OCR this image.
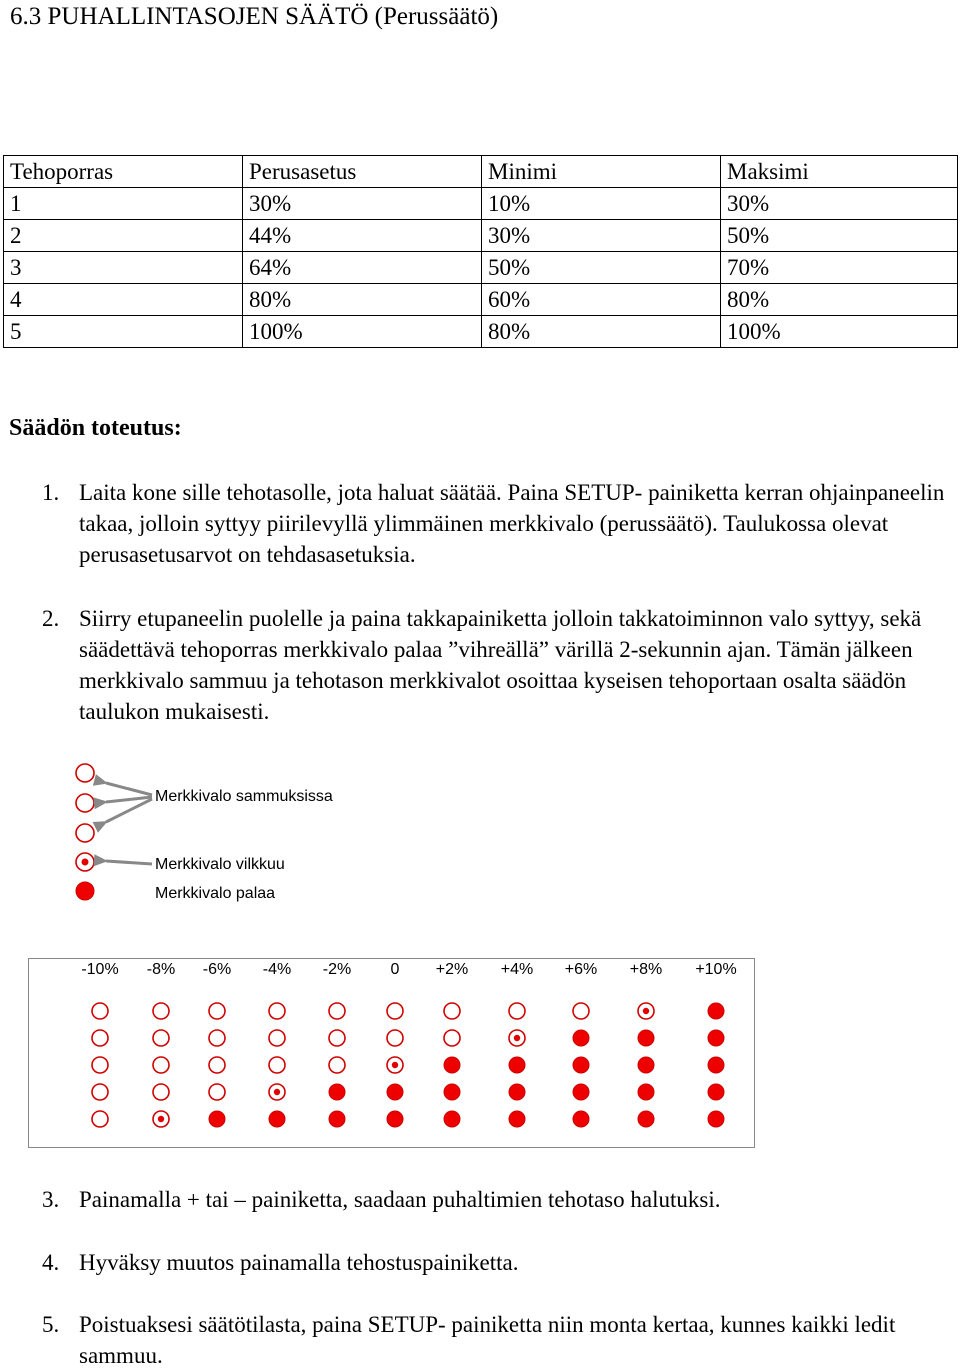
6.3 PUHALLINTASOJEN SÄÄTÖ (Perussäätö)
Tehoporras	Perusasetus	Minimi	Maksimi
1	30%	10%	30%
2	44%	30%	50%
3	64%	50%	70%
4	80%	60%	80%
5	100%	80%	100%
Säädön toteutus:
1. Laita kone sille tehotasolle, jota haluat säätää. Paina SETUP- painiketta kerran ohjainpaneelin takaa, jolloin syttyy piirilevyllä ylimmäinen merkkivalo (perussäätö). Taulukossa olevat perusasetusarvot on tehdasasetuksia.
2. Siirry etupaneelin puolelle ja paina takkapainiketta jolloin takkatoiminnon valo syttyy, sekä säädettävä tehoporras merkkivalo palaa ”vihreällä” värillä 2-sekunnin ajan. Tämän jälkeen merkkivalo sammuu ja tehotason merkkivalot osoittaa kyseisen tehoportaan osalta säädön taulukon mukaisesti.
Merkkivalo sammuksissa
Merkkivalo vilkkuu
Merkkivalo palaa
-10%	-8%	-6%	-4%	-2%	0	+2%	+4%	+6%	+8%	+10%
3. Painamalla + tai – painiketta, saadaan puhaltimien tehotaso halutuksi.
4. Hyväksy muutos painamalla tehostuspainiketta.
5. Poistuaksesi säätötilasta, paina SETUP- painiketta niin monta kertaa, kunnes kaikki ledit sammuu.
